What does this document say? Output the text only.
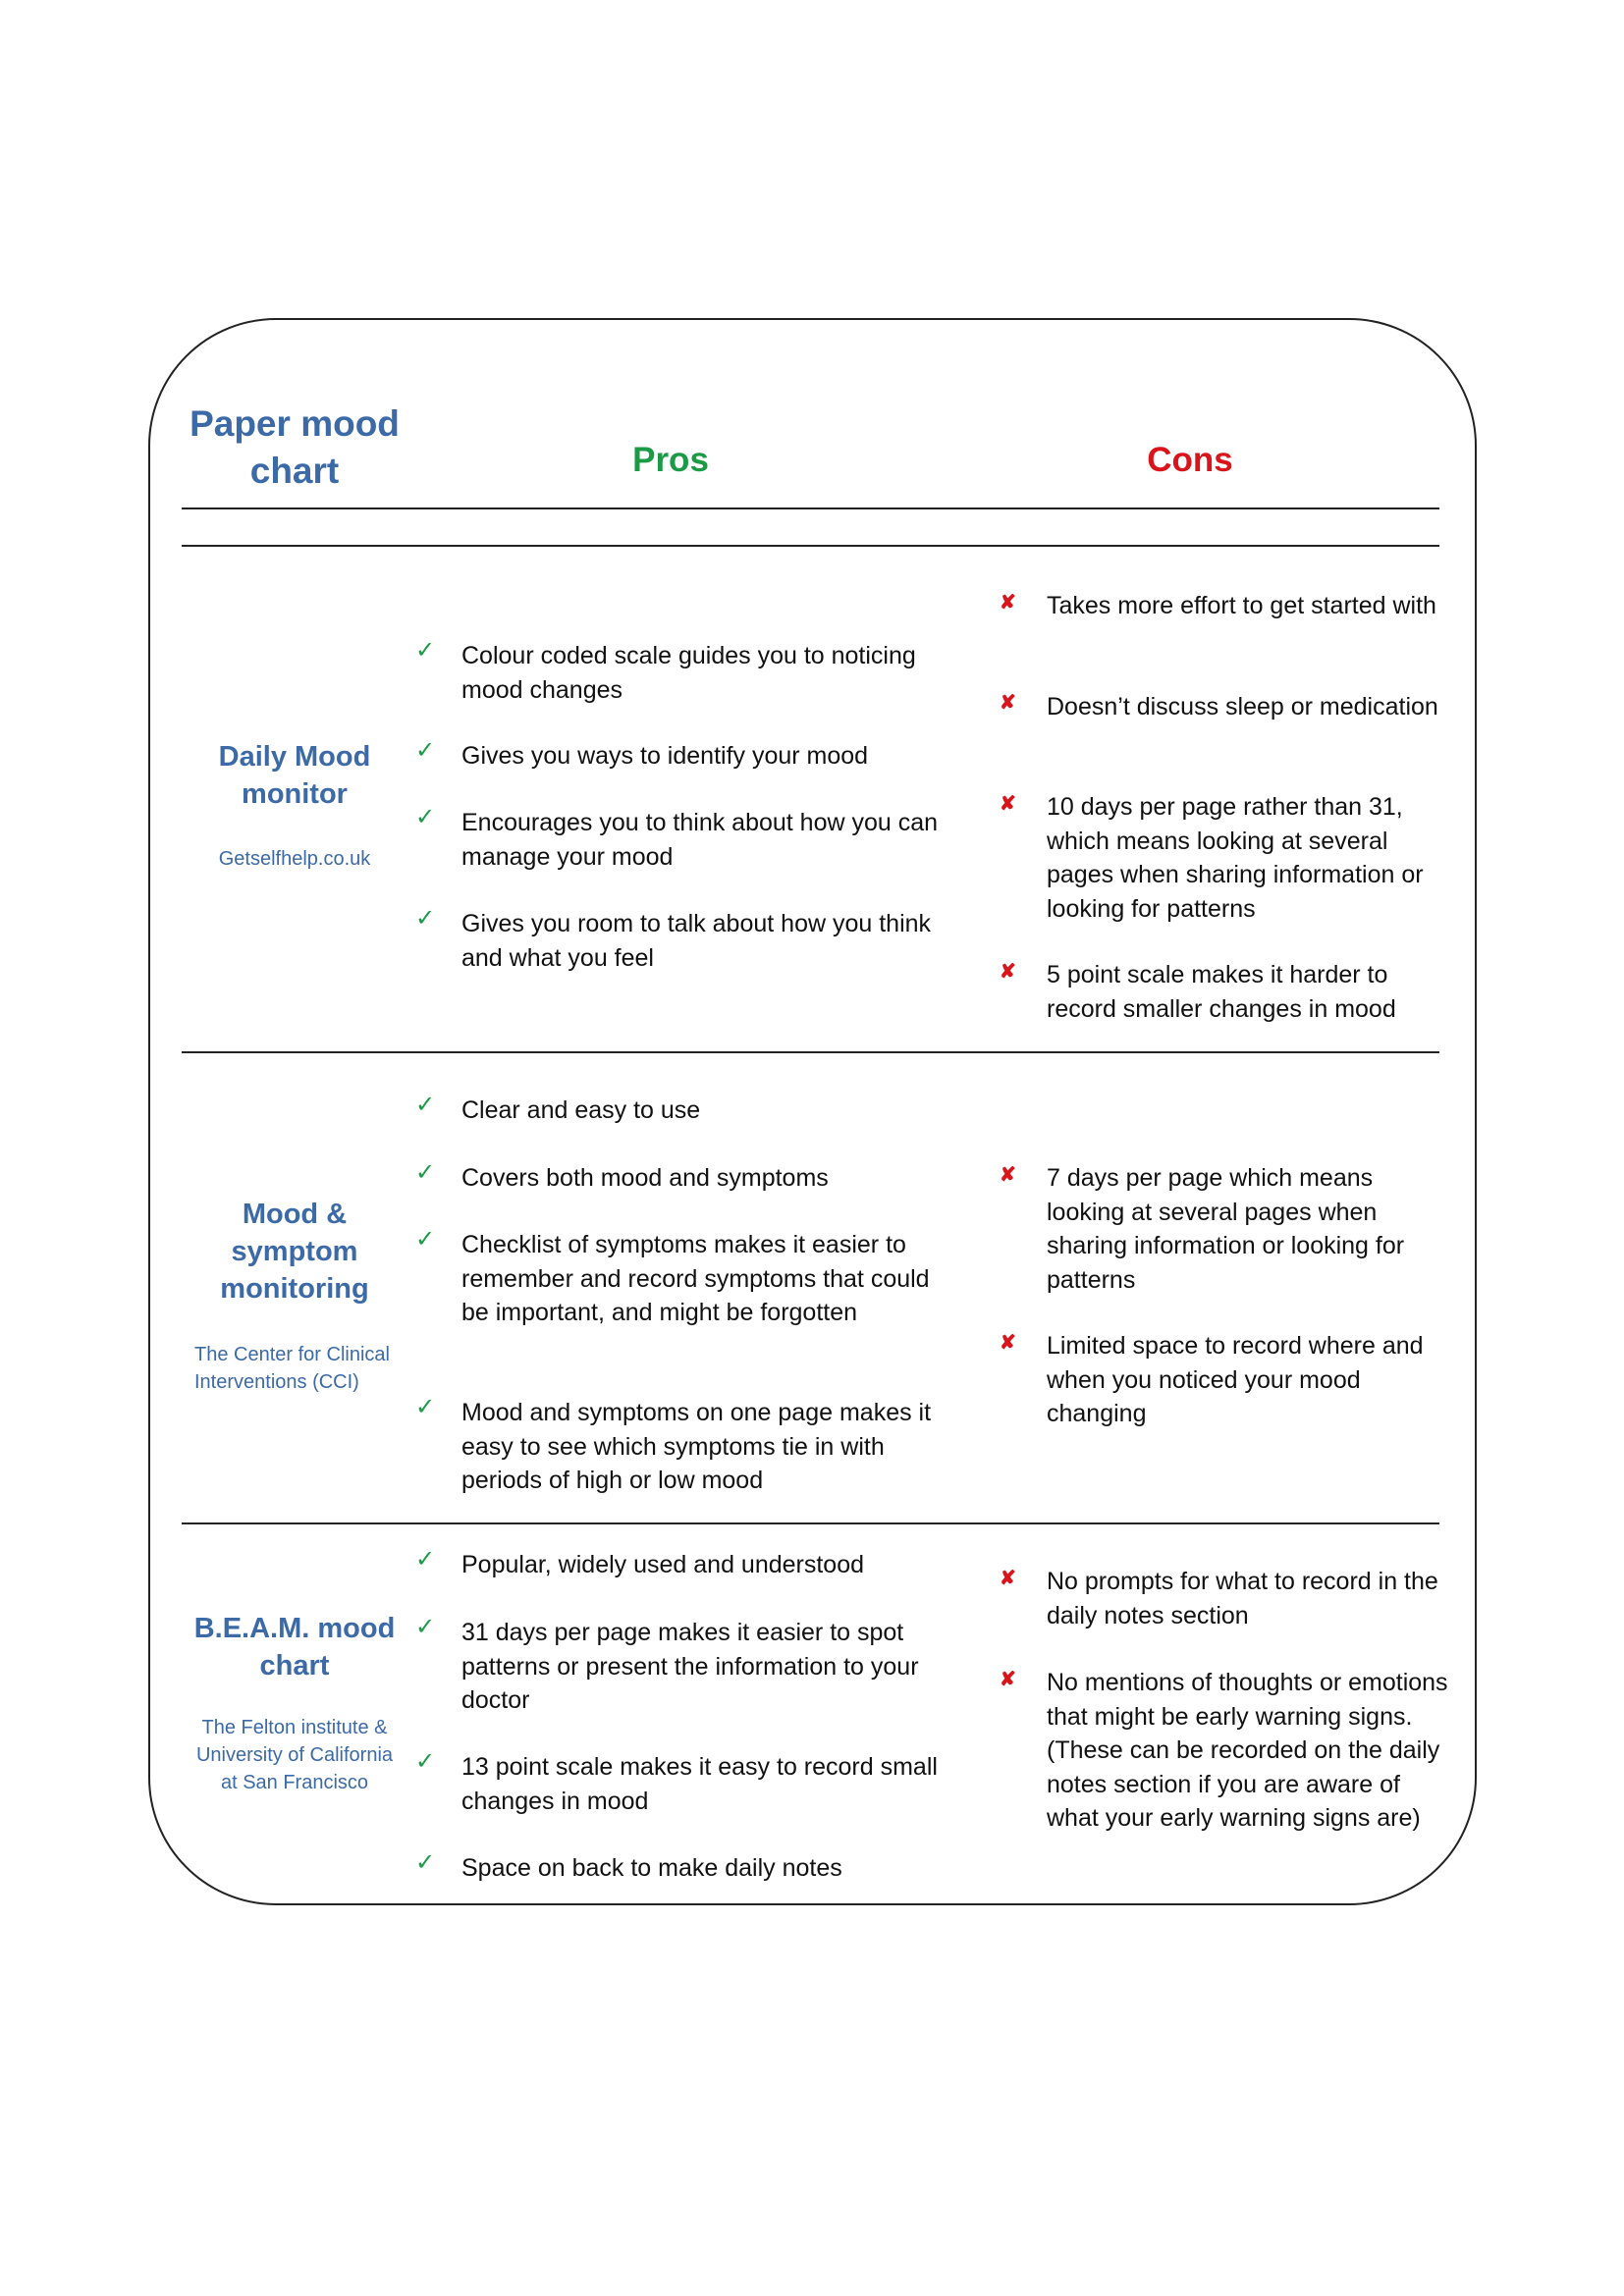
Paper mood chart	Pros	Cons
Daily Mood monitor
Getselfhelp.co.uk
✓ Colour coded scale guides you to noticing mood changes
✓ Gives you ways to identify your mood
✓ Encourages you to think about how you can manage your mood
✓ Gives you room to talk about how you think and what you feel
✘ Takes more effort to get started with
✘ Doesn’t discuss sleep or medication
✘ 10 days per page rather than 31, which means looking at several pages when sharing information or looking for patterns
✘ 5 point scale makes it harder to record smaller changes in mood
Mood & symptom monitoring
The Center for Clinical Interventions (CCI)
✓ Clear and easy to use
✓ Covers both mood and symptoms
✓ Checklist of symptoms makes it easier to remember and record symptoms that could be important, and might be forgotten
✓ Mood and symptoms on one page makes it easy to see which symptoms tie in with periods of high or low mood
✘ 7 days per page which means looking at several pages when sharing information or looking for patterns
✘ Limited space to record where and when you noticed your mood changing
B.E.A.M. mood chart
The Felton institute & University of California at San Francisco
✓ Popular, widely used and understood
✓ 31 days per page makes it easier to spot patterns or present the information to your doctor
✓ 13 point scale makes it easy to record small changes in mood
✓ Space on back to make daily notes
✘ No prompts for what to record in the daily notes section
✘ No mentions of thoughts or emotions that might be early warning signs. (These can be recorded on the daily notes section if you are aware of what your early warning signs are)
